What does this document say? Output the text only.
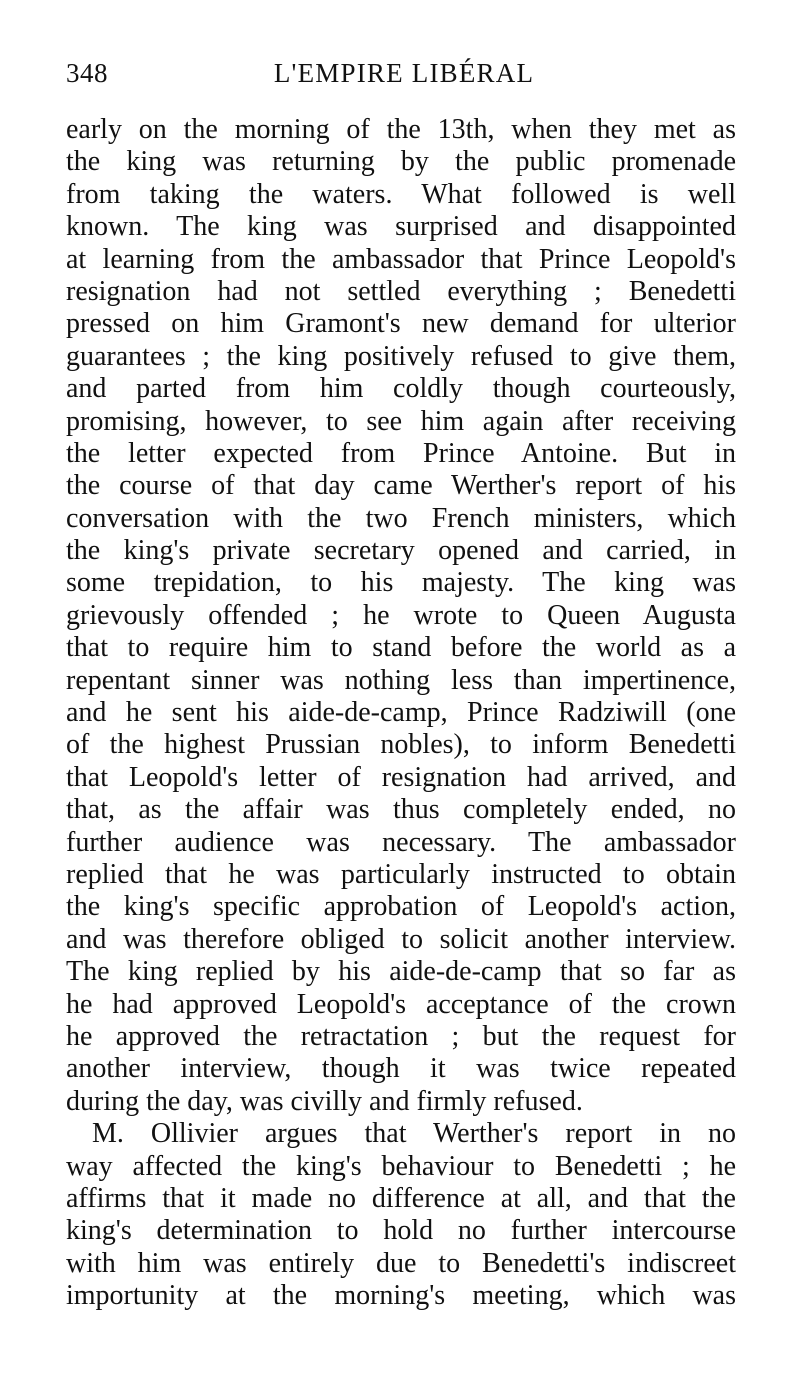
348	L'EMPIRE LIBÉRAL
early on the morning of the 13th, when they met as
the king was returning by the public promenade
from taking the waters. What followed is well
known. The king was surprised and disappointed
at learning from the ambassador that Prince Leopold's
resignation had not settled everything ; Benedetti
pressed on him Gramont's new demand for ulterior
guarantees ; the king positively refused to give them,
and parted from him coldly though courteously,
promising, however, to see him again after receiving
the letter expected from Prince Antoine. But in
the course of that day came Werther's report of his
conversation with the two French ministers, which
the king's private secretary opened and carried, in
some trepidation, to his majesty. The king was
grievously offended ; he wrote to Queen Augusta
that to require him to stand before the world as a
repentant sinner was nothing less than impertinence,
and he sent his aide-de-camp, Prince Radziwill (one
of the highest Prussian nobles), to inform Benedetti
that Leopold's letter of resignation had arrived, and
that, as the affair was thus completely ended, no
further audience was necessary. The ambassador
replied that he was particularly instructed to obtain
the king's specific approbation of Leopold's action,
and was therefore obliged to solicit another interview.
The king replied by his aide-de-camp that so far as
he had approved Leopold's acceptance of the crown
he approved the retractation ; but the request for
another interview, though it was twice repeated
during the day, was civilly and firmly refused.
M. Ollivier argues that Werther's report in no
way affected the king's behaviour to Benedetti ; he
affirms that it made no difference at all, and that the
king's determination to hold no further intercourse
with him was entirely due to Benedetti's indiscreet
importunity at the morning's meeting, which was
